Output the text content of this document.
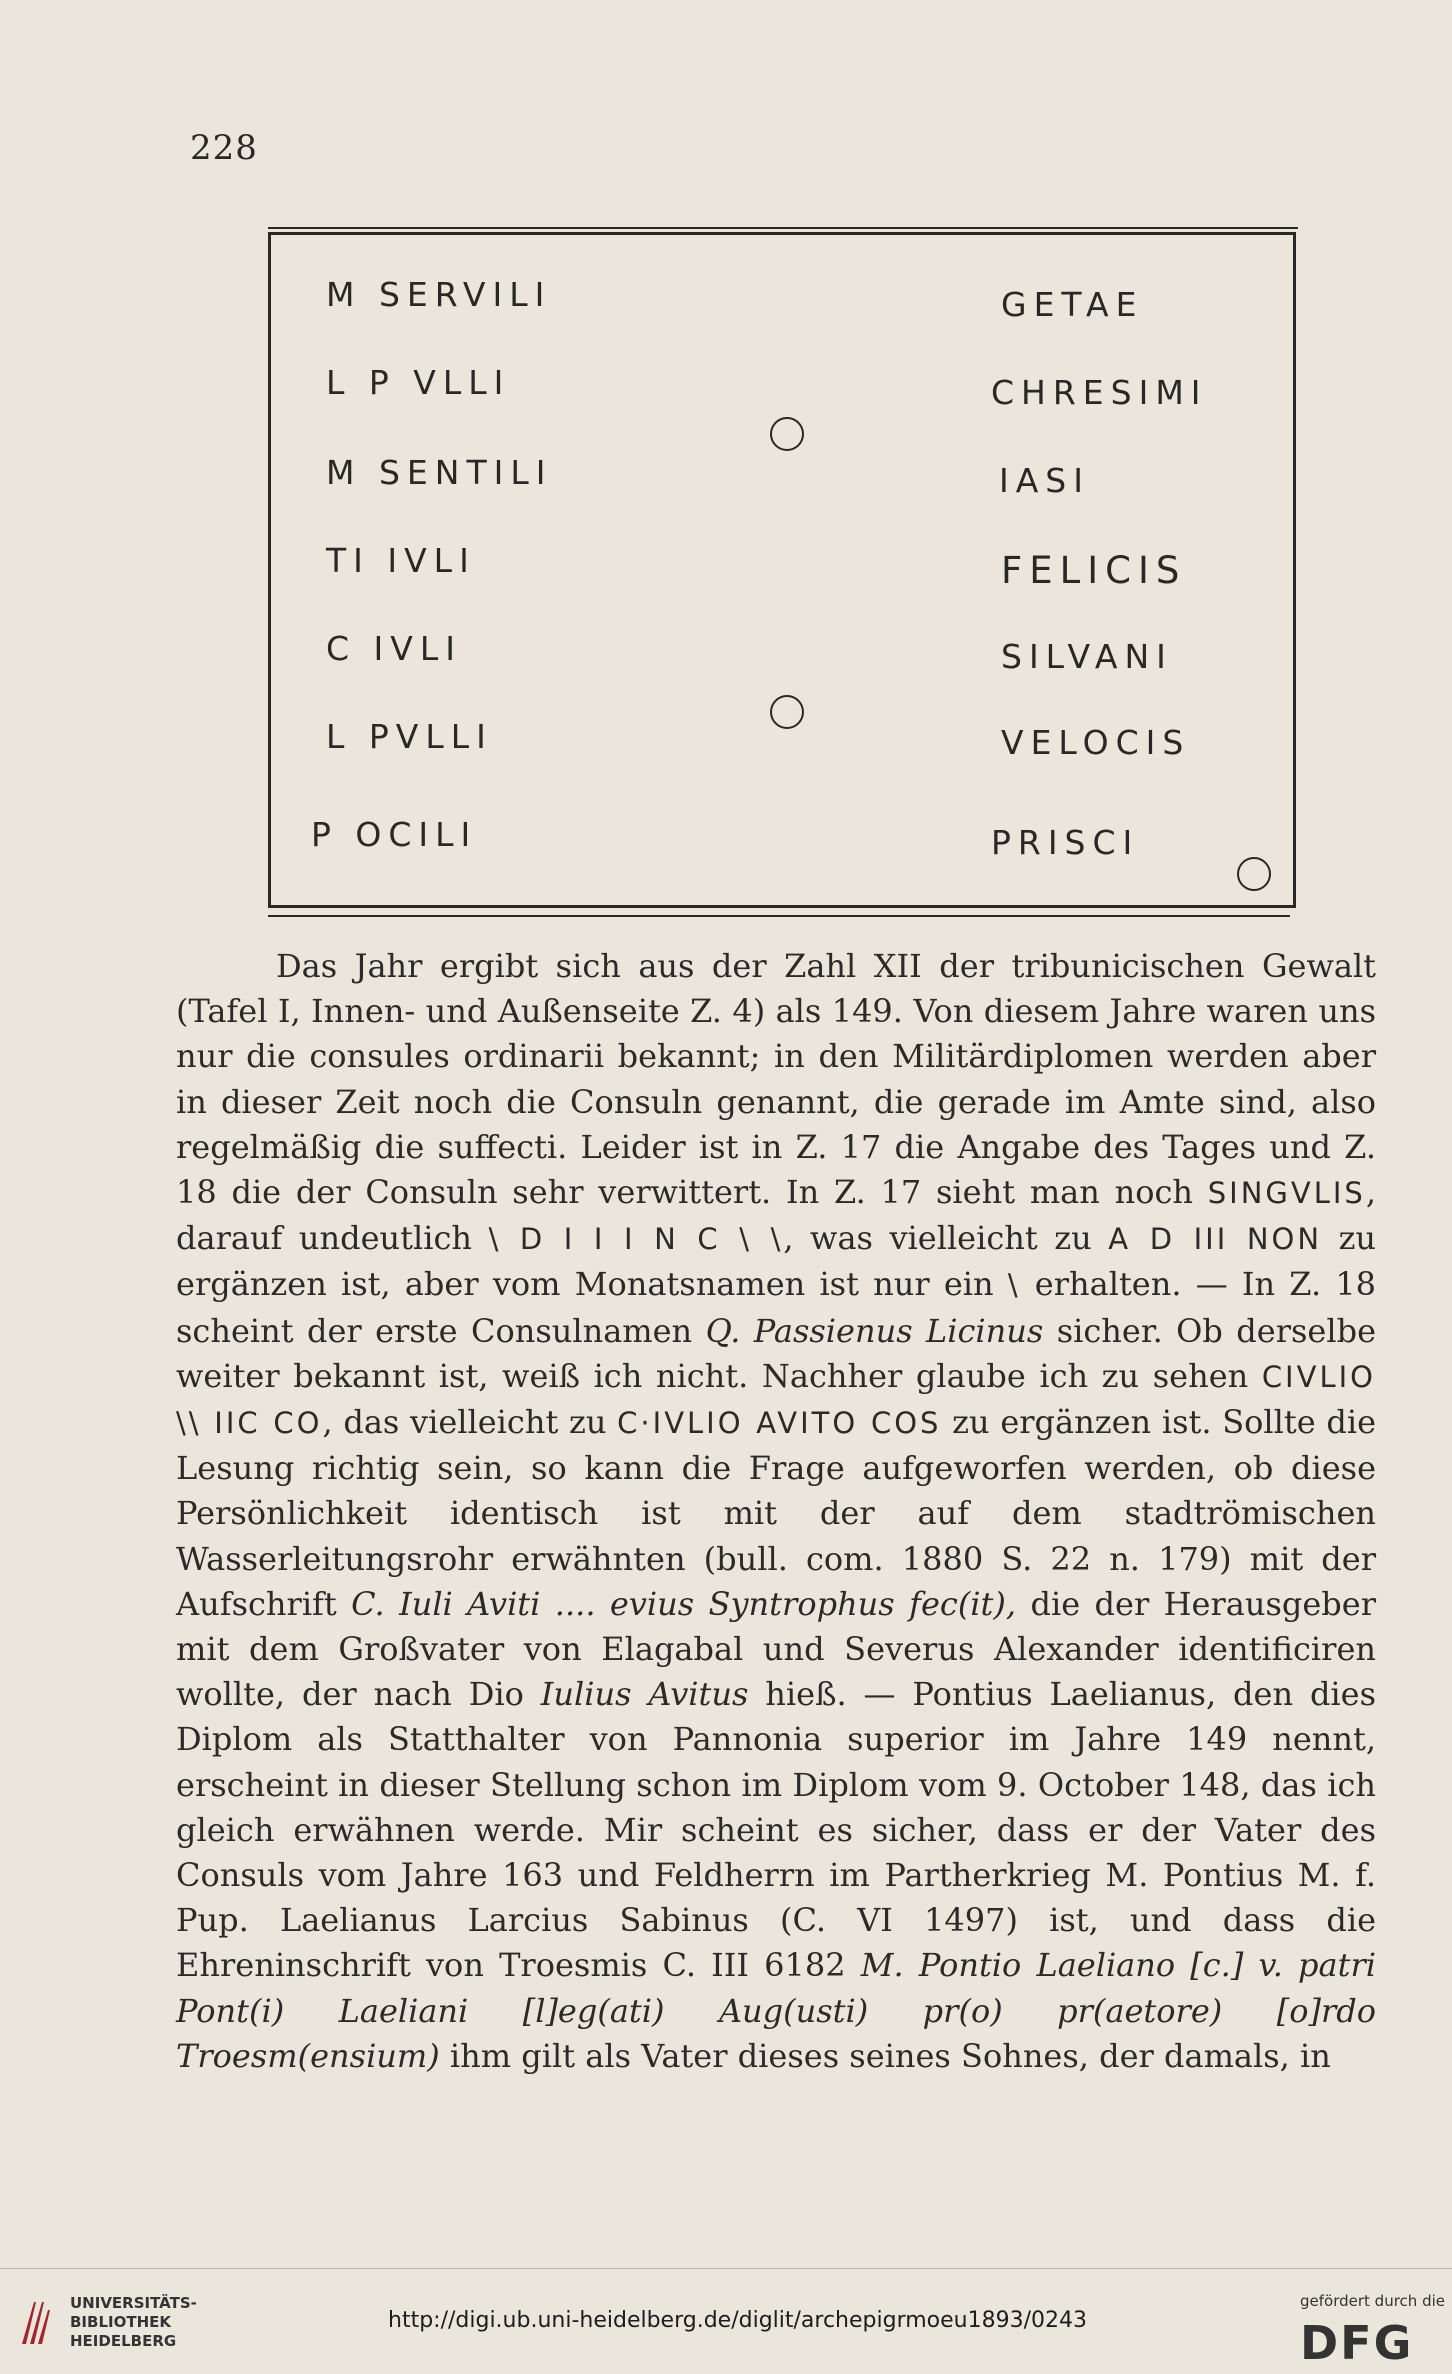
228
M SERVILI
L P VLLI
M SENTILI
TI IVLI
C IVLI
L PVLLI
P OCILI
GETAE
CHRESIMI
IASI
FELICIS
SILVANI
VELOCIS
PRISCI

Das Jahr ergibt sich aus der Zahl XII der tribunicischen Gewalt (Tafel I, Innen- und Außenseite Z. 4) als 149. Von diesem Jahre waren uns nur die consules ordinarii bekannt; in den Militärdiplomen werden aber in dieser Zeit noch die Consuln genannt, die gerade im Amte sind, also regelmäßig die suffecti. Leider ist in Z. 17 die Angabe des Tages und Z. 18 die der Consuln sehr verwittert. In Z. 17 sieht man noch SINGVLIS, darauf undeutlich \ D I I I N C \ \, was vielleicht zu A D III NON zu ergänzen ist, aber vom Monatsnamen ist nur ein \ erhalten. — In Z. 18 scheint der erste Consulnamen Q. Passienus Licinus sicher. Ob derselbe weiter bekannt ist, weiß ich nicht. Nachher glaube ich zu sehen CIVLIO \\ IIC CO, das vielleicht zu C·IVLIO AVITO COS zu ergänzen ist. Sollte die Lesung richtig sein, so kann die Frage aufgeworfen werden, ob diese Persönlichkeit identisch ist mit der auf dem stadtrömischen Wasserleitungsrohr erwähnten (bull. com. 1880 S. 22 n. 179) mit der Aufschrift C. Iuli Aviti .... evius Syntrophus fec(it), die der Herausgeber mit dem Großvater von Elagabal und Severus Alexander identificiren wollte, der nach Dio Iulius Avitus hieß. — Pontius Laelianus, den dies Diplom als Statthalter von Pannonia superior im Jahre 149 nennt, erscheint in dieser Stellung schon im Diplom vom 9. October 148, das ich gleich erwähnen werde. Mir scheint es sicher, dass er der Vater des Consuls vom Jahre 163 und Feldherrn im Partherkrieg M. Pontius M. f. Pup. Laelianus Larcius Sabinus (C. VI 1497) ist, und dass die Ehreninschrift von Troesmis C. III 6182 M. Pontio Laeliano [c.] v. patri Pont(i) Laeliani [l]eg(ati) Aug(usti) pr(o) pr(aetore) [o]rdo Troesm(ensium) ihm gilt als Vater dieses seines Sohnes, der damals, in

UNIVERSITÄTS-
BIBLIOTHEK
HEIDELBERG
http://digi.ub.uni-heidelberg.de/diglit/archepigrmoeu1893/0243
gefördert durch die
DFG
